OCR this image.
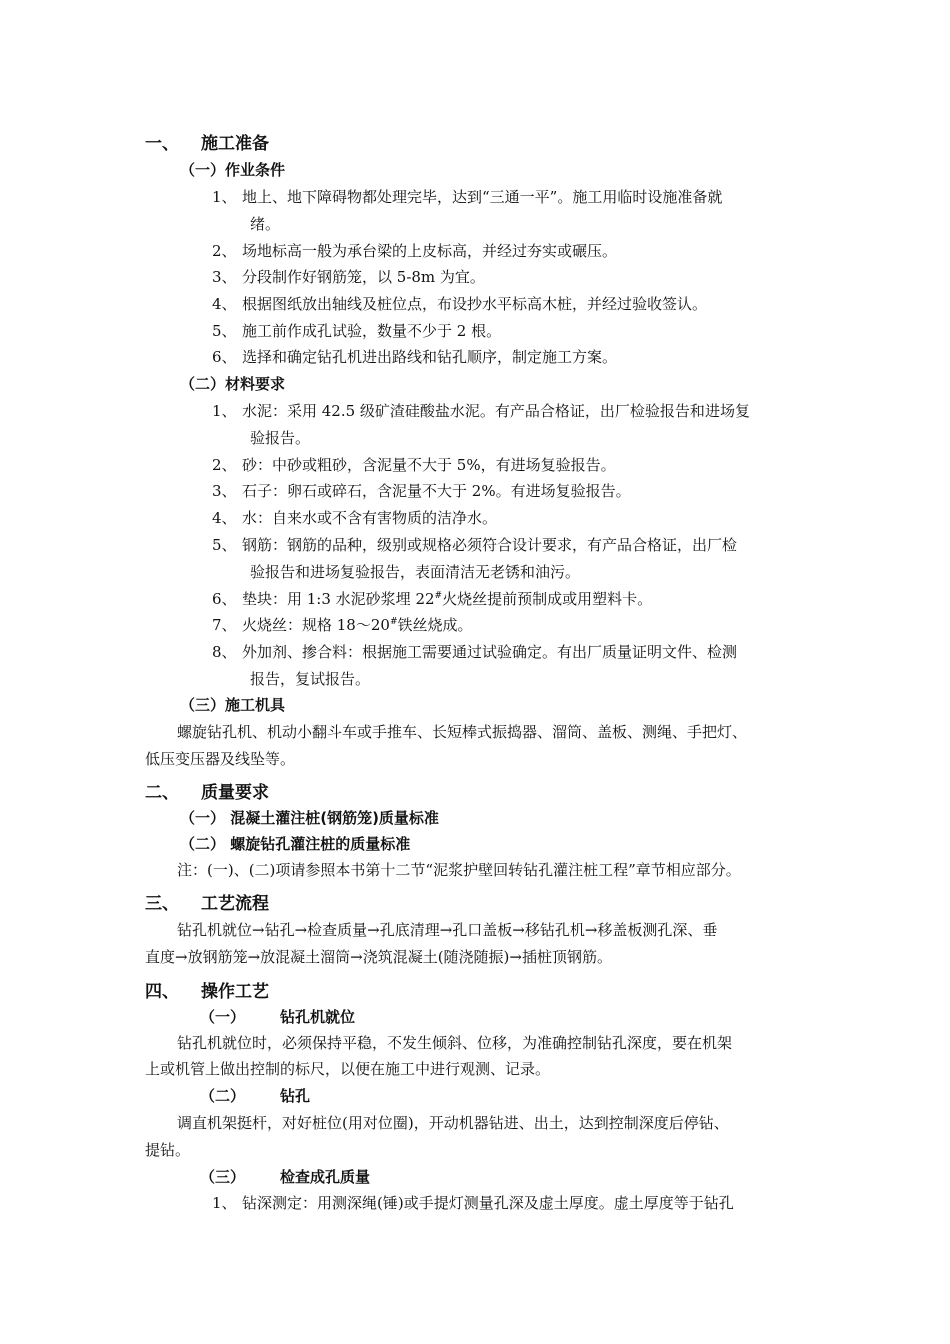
一、 施工准备
（一）作业条件
1、 地上、地下障碍物都处理完毕，达到“三通一平”。施工用临时设施准备就
绪。
2、 场地标高一般为承台梁的上皮标高，并经过夯实或碾压。
3、 分段制作好钢筋笼，以 5-8m 为宜。
4、 根据图纸放出轴线及桩位点，布设抄水平标高木桩，并经过验收签认。
5、 施工前作成孔试验，数量不少于 2 根。
6、 选择和确定钻孔机进出路线和钻孔顺序，制定施工方案。
（二）材料要求
1、 水泥：采用 42.5 级矿渣硅酸盐水泥。有产品合格证，出厂检验报告和进场复
验报告。
2、 砂：中砂或粗砂，含泥量不大于 5%，有进场复验报告。
3、 石子：卵石或碎石，含泥量不大于 2%。有进场复验报告。
4、 水：自来水或不含有害物质的洁净水。
5、 钢筋：钢筋的品种，级别或规格必须符合设计要求，有产品合格证，出厂检
验报告和进场复验报告，表面清洁无老锈和油污。
6、 垫块：用 1:3 水泥砂浆埋 22#火烧丝提前预制成或用塑料卡。
7、 火烧丝：规格 18～20#铁丝烧成。
8、 外加剂、掺合料：根据施工需要通过试验确定。有出厂质量证明文件、检测
报告，复试报告。
（三）施工机具
螺旋钻孔机、机动小翻斗车或手推车、长短棒式振捣器、溜筒、盖板、测绳、手把灯、
低压变压器及线坠等。
二、 质量要求
（一） 混凝土灌注桩(钢筋笼)质量标准
（二） 螺旋钻孔灌注桩的质量标准
注：(一)、(二)项请参照本书第十二节“泥浆护壁回转钻孔灌注桩工程”章节相应部分。
三、 工艺流程
钻孔机就位→钻孔→检查质量→孔底清理→孔口盖板→移钻孔机→移盖板测孔深、垂
直度→放钢筋笼→放混凝土溜筒→浇筑混凝土(随浇随振)→插桩顶钢筋。
四、 操作工艺
（一） 钻孔机就位
钻孔机就位时，必须保持平稳，不发生倾斜、位移，为准确控制钻孔深度，要在机架
上或机管上做出控制的标尺，以便在施工中进行观测、记录。
（二） 钻孔
调直机架挺杆，对好桩位(用对位圈)，开动机器钻进、出土，达到控制深度后停钻、
提钻。
（三） 检查成孔质量
1、 钻深测定：用测深绳(锤)或手提灯测量孔深及虚土厚度。虚土厚度等于钻孔
